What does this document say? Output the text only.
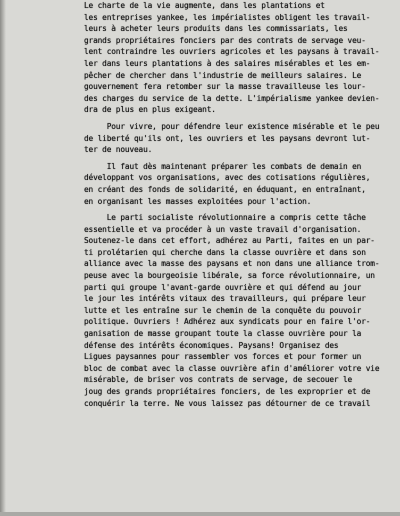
Le charte de la vie augmente, dans les plantations et
les entreprises yankee, les impérialistes obligent les travail-
leurs à acheter leurs produits dans les commissariats, les
grands propriétaires fonciers par des contrats de servage veu-
lent contraindre les ouvriers agricoles et les paysans à travail-
ler dans leurs plantations à des salaires misérables et les em-
pêcher de chercher dans l'industrie de meilleurs salaires. Le
gouvernement fera retomber sur la masse travailleuse les lour-
des charges du service de la dette. L'impérialisme yankee devien-
dra de plus en plus exigeant.
Pour vivre, pour défendre leur existence misérable et le peu
de liberté qu'ils ont, les ouvriers et les paysans devront lut-
ter de nouveau.
Il faut dès maintenant préparer les combats de demain en
développant vos organisations, avec des cotisations régulières,
en créant des fonds de solidarité, en éduquant, en entraînant,
en organisant les masses exploitées pour l'action.
Le parti socialiste révolutionnaire a compris cette tâche
essentielle et va procéder à un vaste travail d'organisation.
Soutenez-le dans cet effort, adhérez au Parti, faites en un par-
ti prolétarien qui cherche dans la classe ouvrière et dans son
alliance avec la masse des paysans et non dans une alliance trom-
peuse avec la bourgeoisie libérale, sa force révolutionnaire, un
parti qui groupe l'avant-garde ouvrière et qui défend au jour
le jour les intérêts vitaux des travailleurs, qui prépare leur
lutte et les entraîne sur le chemin de la conquête du pouvoir
politique. Ouvriers ! Adhérez aux syndicats pour en faire l'or-
ganisation de masse groupant toute la classe ouvrière pour la
défense des intérêts économiques. Paysans! Organisez des
Ligues paysannes pour rassembler vos forces et pour former un
bloc de combat avec la classe ouvrière afin d'améliorer votre vie
misérable, de briser vos contrats de servage, de secouer le
joug des grands propriétaires fonciers, de les exproprier et de
conquérir la terre. Ne vous laissez pas détourner de ce travail
